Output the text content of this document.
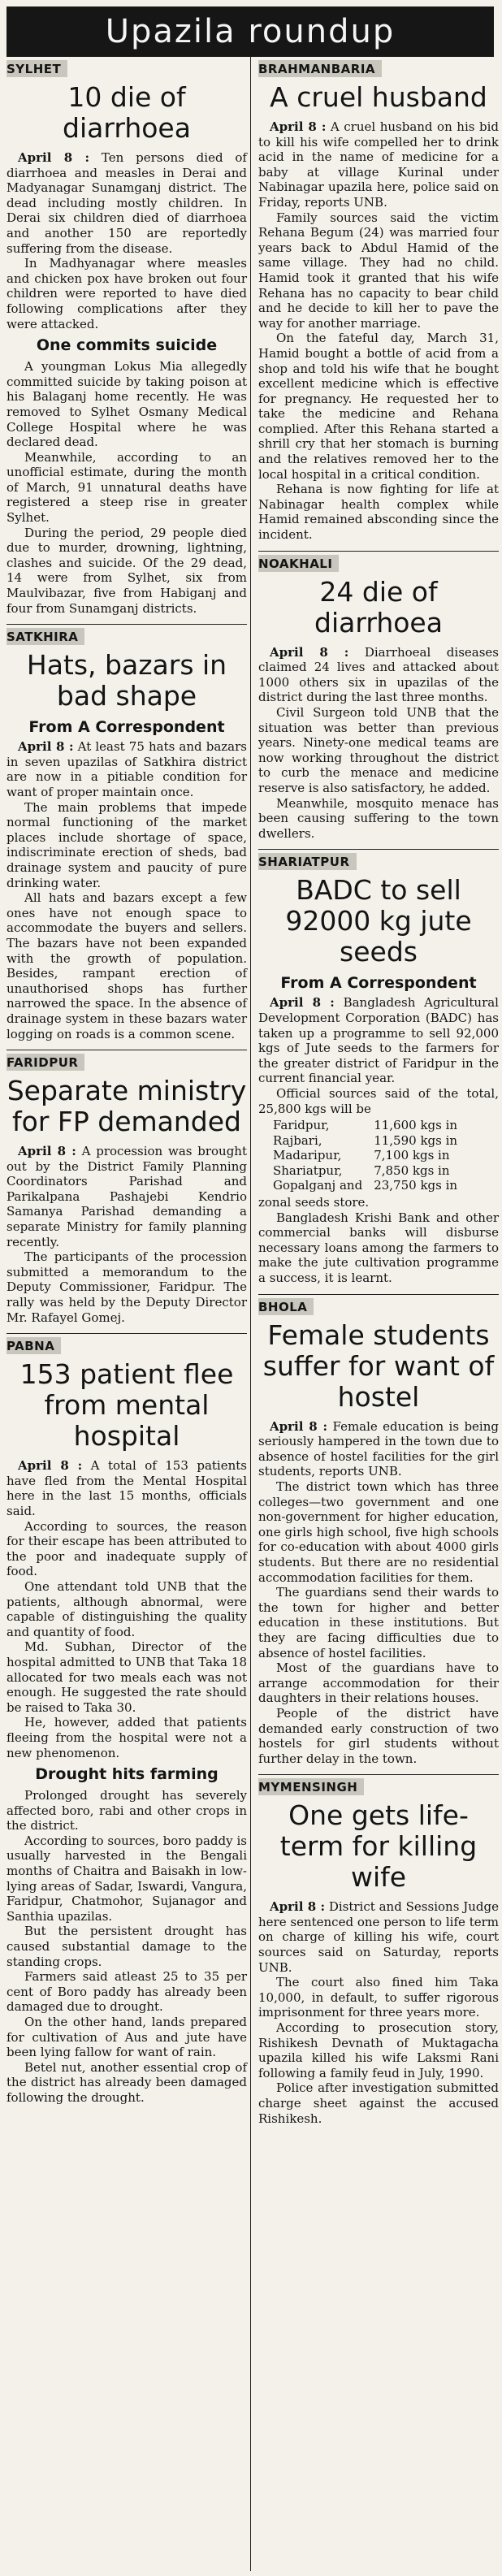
Upazila roundup
SYLHET
10 die of diarrhoea

April 8 : Ten persons died of diarrhoea and measles in Derai and Madyanagar Sunamganj district. The dead including mostly children. In Derai six children died of diarrhoea and another 150 are reportedly suffering from the disease.

In Madhyanagar where measles and chicken pox have broken out four children were reported to have died following complications after they were attacked.

One commits suicide

A youngman Lokus Mia allegedly committed suicide by taking poison at his Balaganj home recently. He was removed to Sylhet Osmany Medical College Hospital where he was declared dead.

Meanwhile, according to an unofficial estimate, during the month of March, 91 unnatural deaths have registered a steep rise in greater Sylhet.

During the period, 29 people died due to murder, drowning, lightning, clashes and suicide. Of the 29 dead, 14 were from Sylhet, six from Maulvibazar, five from Habiganj and four from Sunamganj districts.

SATKHIRA
Hats, bazars in bad shape
From A Correspondent

April 8 : At least 75 hats and bazars in seven upazilas of Satkhira district are now in a pitiable condition for want of proper maintain once.

The main problems that impede normal functioning of the market places include shortage of space, indiscriminate erection of sheds, bad drainage system and paucity of pure drinking water.

All hats and bazars except a few ones have not enough space to accommodate the buyers and sellers. The bazars have not been expanded with the growth of population. Besides, rampant erection of unauthorised shops has further narrowed the space. In the absence of drainage system in these bazars water logging on roads is a common scene.

FARIDPUR
Separate ministry for FP demanded

April 8 : A procession was brought out by the District Family Planning Coordinators Parishad and Parikalpana Pashajebi Kendrio Samanya Parishad demanding a separate Ministry for family planning recently.

The participants of the procession submitted a memorandum to the Deputy Commissioner, Faridpur. The rally was held by the Deputy Director Mr. Rafayel Gomej.

PABNA
153 patient flee from mental hospital

April 8 : A total of 153 patients have fled from the Mental Hospital here in the last 15 months, officials said.

According to sources, the reason for their escape has been attributed to the poor and inadequate supply of food.

One attendant told UNB that the patients, although abnormal, were capable of distinguishing the quality and quantity of food.

Md. Subhan, Director of the hospital admitted to UNB that Taka 18 allocated for two meals each was not enough. He suggested the rate should be raised to Taka 30.

He, however, added that patients fleeing from the hospital were not a new phenomenon.

Drought hits farming

Prolonged drought has severely affected boro, rabi and other crops in the district.

According to sources, boro paddy is usually harvested in the Bengali months of Chaitra and Baisakh in low-lying areas of Sadar, Iswardi, Vangura, Faridpur, Chatmohor, Sujanagor and Santhia upazilas.

But the persistent drought has caused substantial damage to the standing crops.

Farmers said atleast 25 to 35 per cent of Boro paddy has already been damaged due to drought.

On the other hand, lands prepared for cultivation of Aus and jute have been lying fallow for want of rain.

Betel nut, another essential crop of the district has already been damaged following the drought.

BRAHMANBARIA
A cruel husband

April 8 : A cruel husband on his bid to kill his wife compelled her to drink acid in the name of medicine for a baby at village Kurinal under Nabinagar upazila here, police said on Friday, reports UNB.

Family sources said the victim Rehana Begum (24) was married four years back to Abdul Hamid of the same village. They had no child. Hamid took it granted that his wife Rehana has no capacity to bear child and he decide to kill her to pave the way for another marriage.

On the fateful day, March 31, Hamid bought a bottle of acid from a shop and told his wife that he bought excellent medicine which is effective for pregnancy. He requested her to take the medicine and Rehana complied. After this Rehana started a shrill cry that her stomach is burning and the relatives removed her to the local hospital in a critical condition.

Rehana is now fighting for life at Nabinagar health complex while Hamid remained absconding since the incident.

NOAKHALI
24 die of diarrhoea

April 8 : Diarrhoeal diseases claimed 24 lives and attacked about 1000 others six in upazilas of the district during the last three months.

Civil Surgeon told UNB that the situation was better than previous years. Ninety-one medical teams are now working throughout the district to curb the menace and medicine reserve is also satisfactory, he added.

Meanwhile, mosquito menace has been causing suffering to the town dwellers.

SHARIATPUR
BADC to sell 92000 kg jute seeds
From A Correspondent

April 8 : Bangladesh Agricultural Development Corporation (BADC) has taken up a programme to sell 92,000 kgs of Jute seeds to the farmers for the greater district of Faridpur in the current financial year.

Official sources said of the total, 25,800 kgs will be

Faridpur,	11,600 kgs in
Rajbari,	11,590 kgs in
Madaripur,	7,100 kgs in
Shariatpur,	7,850 kgs in
Gopalganj and	23,750 kgs in

zonal seeds store.

Bangladesh Krishi Bank and other commercial banks will disburse necessary loans among the farmers to make the jute cultivation programme a success, it is learnt.

BHOLA
Female students suffer for want of hostel

April 8 : Female education is being seriously hampered in the town due to absence of hostel facilities for the girl students, reports UNB.

The district town which has three colleges—two government and one non-government for higher education, one girls high school, five high schools for co-education with about 4000 girls students. But there are no residential accommodation facilities for them.

The guardians send their wards to the town for higher and better education in these institutions. But they are facing difficulties due to absence of hostel facilities.

Most of the guardians have to arrange accommodation for their daughters in their relations houses.

People of the district have demanded early construction of two hostels for girl students without further delay in the town.

MYMENSINGH
One gets life-term for killing wife

April 8 : District and Sessions Judge here sentenced one person to life term on charge of killing his wife, court sources said on Saturday, reports UNB.

The court also fined him Taka 10,000, in default, to suffer rigorous imprisonment for three years more.

According to prosecution story, Rishikesh Devnath of Muktagacha upazila killed his wife Laksmi Rani following a family feud in July, 1990.

Police after investigation submitted charge sheet against the accused Rishikesh.
